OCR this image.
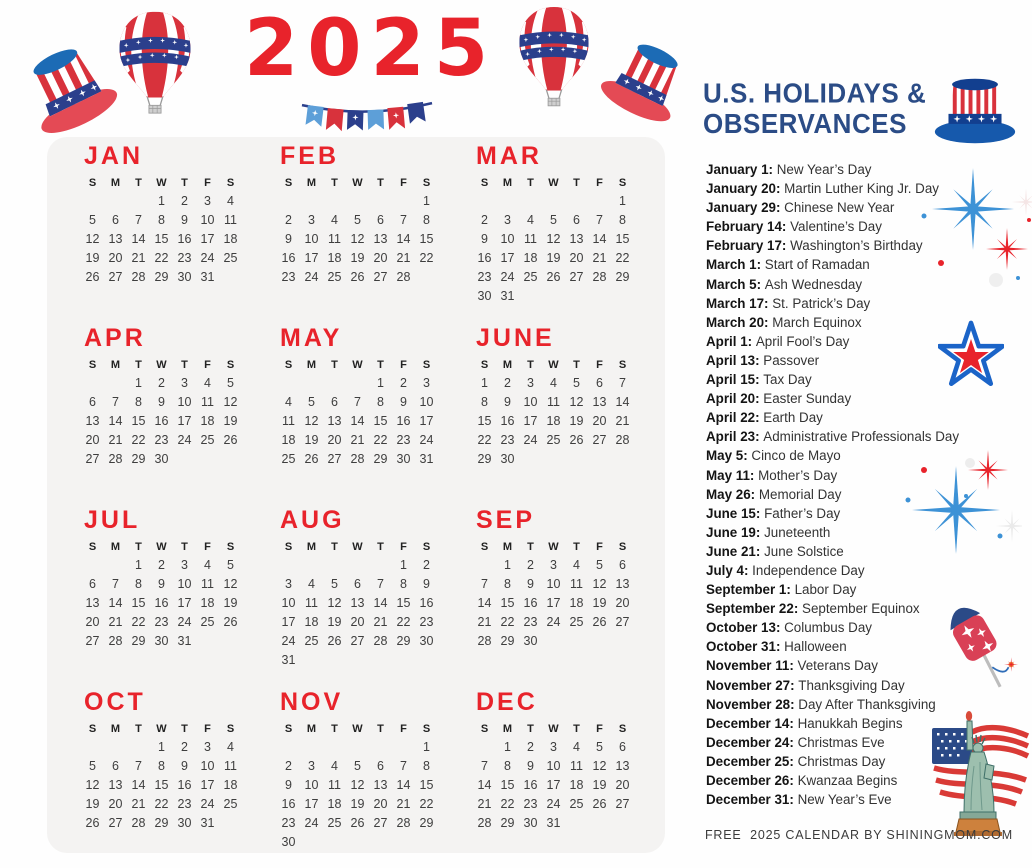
2025	U.S. HOLIDAYS &
OBSERVANCES
JAN
S	M	T	W	T	F	S
			1	2	3	4
5	6	7	8	9	10	11
12	13	14	15	16	17	18
19	20	21	22	23	24	25
26	27	28	29	30	31	
FEB
S	M	T	W	T	F	S
						1
2	3	4	5	6	7	8
9	10	11	12	13	14	15
16	17	18	19	20	21	22
23	24	25	26	27	28	
MAR
S	M	T	W	T	F	S
						1
2	3	4	5	6	7	8
9	10	11	12	13	14	15
16	17	18	19	20	21	22
23	24	25	26	27	28	29
30	31					
APR
S	M	T	W	T	F	S
		1	2	3	4	5
6	7	8	9	10	11	12
13	14	15	16	17	18	19
20	21	22	23	24	25	26
27	28	29	30			
MAY
S	M	T	W	T	F	S
				1	2	3
4	5	6	7	8	9	10
11	12	13	14	15	16	17
18	19	20	21	22	23	24
25	26	27	28	29	30	31
JUNE
S	M	T	W	T	F	S
1	2	3	4	5	6	7
8	9	10	11	12	13	14
15	16	17	18	19	20	21
22	23	24	25	26	27	28
29	30					
JUL
S	M	T	W	T	F	S
		1	2	3	4	5
6	7	8	9	10	11	12
13	14	15	16	17	18	19
20	21	22	23	24	25	26
27	28	29	30	31		
AUG
S	M	T	W	T	F	S
					1	2
3	4	5	6	7	8	9
10	11	12	13	14	15	16
17	18	19	20	21	22	23
24	25	26	27	28	29	30
31						
SEP
S	M	T	W	T	F	S
	1	2	3	4	5	6
7	8	9	10	11	12	13
14	15	16	17	18	19	20
21	22	23	24	25	26	27
28	29	30				
OCT
S	M	T	W	T	F	S
			1	2	3	4
5	6	7	8	9	10	11
12	13	14	15	16	17	18
19	20	21	22	23	24	25
26	27	28	29	30	31	
NOV
S	M	T	W	T	F	S
						1
2	3	4	5	6	7	8
9	10	11	12	13	14	15
16	17	18	19	20	21	22
23	24	25	26	27	28	29
30						
DEC
S	M	T	W	T	F	S
	1	2	3	4	5	6
7	8	9	10	11	12	13
14	15	16	17	18	19	20
21	22	23	24	25	26	27
28	29	30	31			
January 1: New Year’s Day
January 20: Martin Luther King Jr. Day
January 29: Chinese New Year
February 14: Valentine’s Day
February 17: Washington’s Birthday
March 1: Start of Ramadan
March 5: Ash Wednesday
March 17: St. Patrick’s Day
March 20: March Equinox
April 1: April Fool’s Day
April 13: Passover
April 15: Tax Day
April 20: Easter Sunday
April 22: Earth Day
April 23: Administrative Professionals Day
May 5: Cinco de Mayo
May 11: Mother’s Day
May 26: Memorial Day
June 15: Father’s Day
June 19: Juneteenth
June 21: June Solstice
July 4: Independence Day
September 1: Labor Day
September 22: September Equinox
October 13: Columbus Day
October 31: Halloween
November 11: Veterans Day
November 27: Thanksgiving Day
November 28: Day After Thanksgiving
December 14: Hanukkah Begins
December 24: Christmas Eve
December 25: Christmas Day
December 26: Kwanzaa Begins
December 31: New Year’s Eve
FREE  2025 CALENDAR BY SHININGMOM.COM
